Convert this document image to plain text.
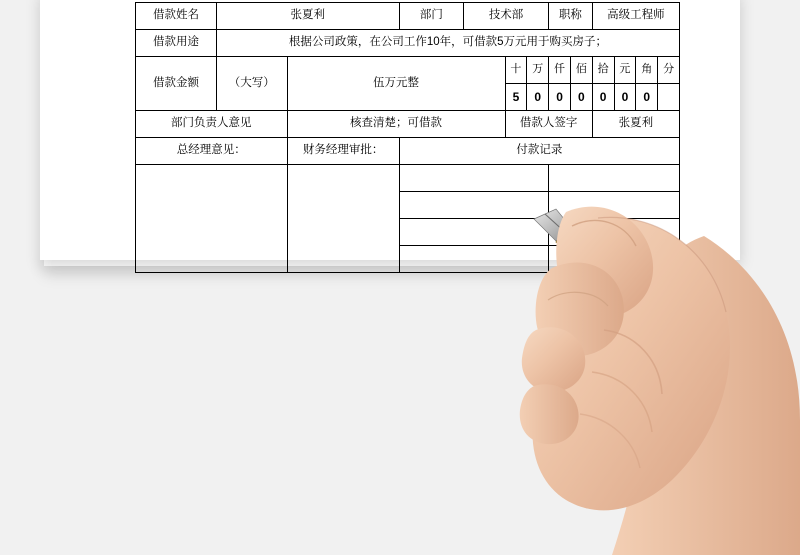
借款姓名	张夏利		部门	技术部			职称		高级工程师			
借款用途	根据公司政策，在公司工作10年，可借款5万元用于购买房子；											
借款金额	（大写）	伍万元整			十	万	仟	佰	拾	元	角	分
					5	0	0	0	0	0	0	
部门负责人意见		核查清楚；可借款			借款人签字				张夏利			
总经理意见：		财务经理审批：	付款记录									
